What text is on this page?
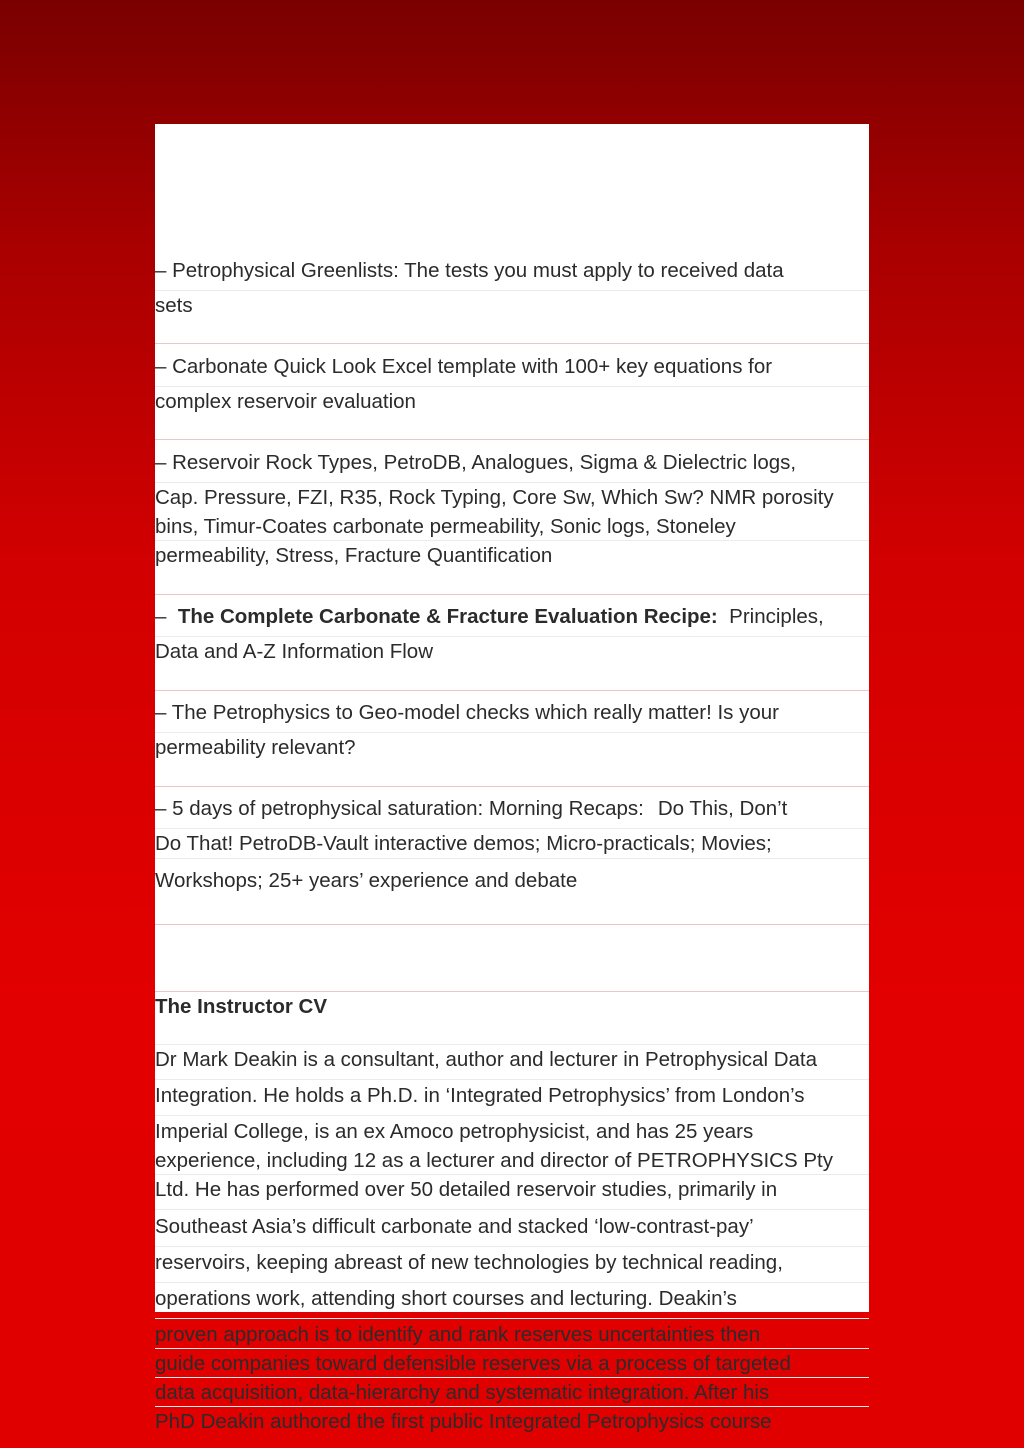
– Petrophysical Greenlists: The tests you must apply to received data
sets
– Carbonate Quick Look Excel template with 100+ key equations for
complex reservoir evaluation
– Reservoir Rock Types, PetroDB, Analogues, Sigma & Dielectric logs,
Cap. Pressure, FZI, R35, Rock Typing, Core Sw, Which Sw? NMR porosity
bins, Timur-Coates carbonate permeability, Sonic logs, Stoneley
permeability, Stress, Fracture Quantification
– The Complete Carbonate & Fracture Evaluation Recipe: Principles,
Data and A-Z Information Flow
– The Petrophysics to Geo-model checks which really matter! Is your
permeability relevant?
– 5 days of petrophysical saturation: Morning Recaps: Do This, Don’t
Do That! PetroDB-Vault interactive demos; Micro-practicals; Movies;
Workshops; 25+ years’ experience and debate
The Instructor CV
Dr Mark Deakin is a consultant, author and lecturer in Petrophysical Data
Integration. He holds a Ph.D. in ‘Integrated Petrophysics’ from London’s
Imperial College, is an ex Amoco petrophysicist, and has 25 years
experience, including 12 as a lecturer and director of PETROPHYSICS Pty
Ltd. He has performed over 50 detailed reservoir studies, primarily in
Southeast Asia’s difficult carbonate and stacked ‘low-contrast-pay’
reservoirs, keeping abreast of new technologies by technical reading,
operations work, attending short courses and lecturing. Deakin’s
proven approach is to identify and rank reserves uncertainties then
guide companies toward defensible reserves via a process of targeted
data acquisition, data-hierarchy and systematic integration. After his
PhD Deakin authored the first public Integrated Petrophysics course
